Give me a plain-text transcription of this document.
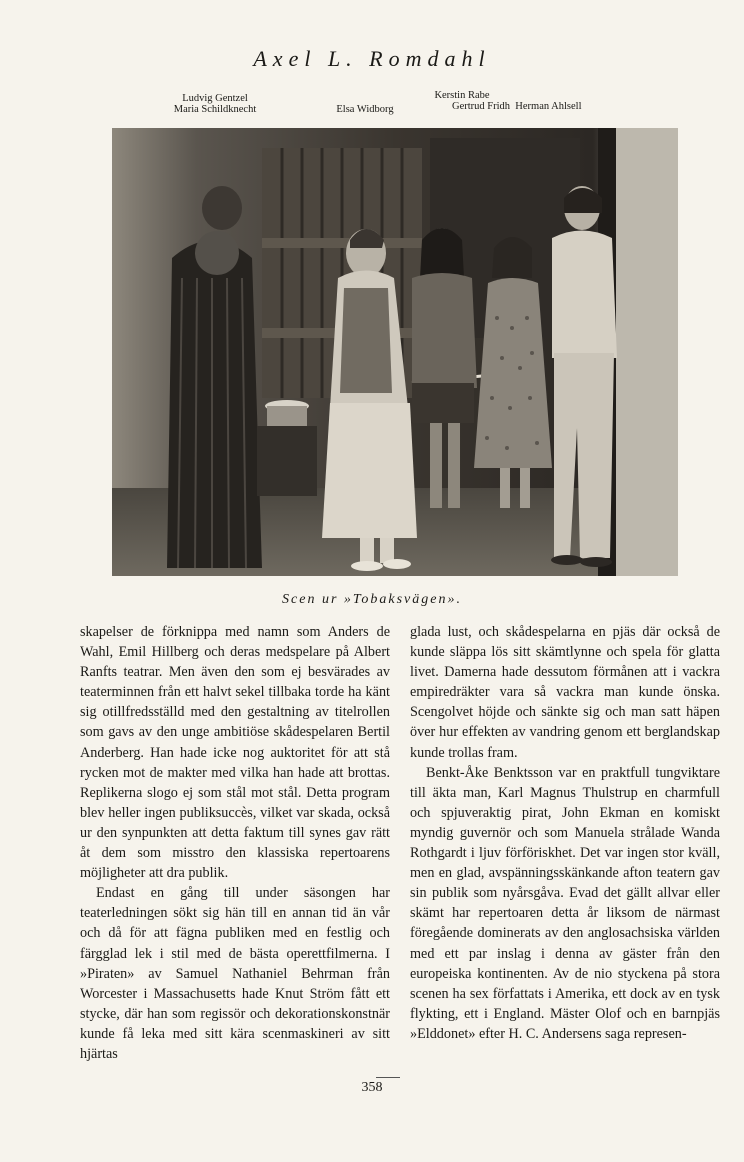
Axel L. Romdahl
Ludvig Gentzel
Maria Schildknecht	Elsa Widborg
Kerstin Rabe
Gertrud Fridh Herman Ahlsell
Scen ur »Tobaksvägen».

skapelser de förknippa med namn som Anders de Wahl, Emil Hillberg och deras medspelare på Albert Ranfts teatrar. Men även den som ej besvärades av teaterminnen från ett halvt sekel tillbaka torde ha känt sig otillfredsställd med den gestaltning av titelrollen som gavs av den unge ambitiöse skådespelaren Bertil Anderberg. Han hade icke nog auktoritet för att stå rycken mot de makter med vilka han hade att brottas. Replikerna slogo ej som stål mot stål. Detta program blev heller ingen publiksuccès, vilket var skada, också ur den synpunkten att detta faktum till synes gav rätt åt dem som misstro den klassiska repertoarens möjligheter att dra publik.

Endast en gång till under säsongen har teaterledningen sökt sig hän till en annan tid än vår och då för att fägna publiken med en festlig och färgglad lek i stil med de bästa operettfilmerna. I »Piraten» av Samuel Nathaniel Behrman från Worcester i Massachusetts hade Knut Ström fått ett stycke, där han som regissör och dekorationskonstnär kunde få leka med sitt kära scenmaskineri av sitt hjärtas

glada lust, och skådespelarna en pjäs där också de kunde släppa lös sitt skämtlynne och spela för glatta livet. Damerna hade dessutom förmånen att i vackra empiredräkter vara så vackra man kunde önska. Scengolvet höjde och sänkte sig och man satt häpen över hur effekten av vandring genom ett berglandskap kunde trollas fram.

Benkt-Åke Benktsson var en praktfull tungviktare till äkta man, Karl Magnus Thulstrup en charmfull och spjuveraktig pirat, John Ekman en komiskt myndig guvernör och som Manuela strålade Wanda Rothgardt i ljuv förföriskhet. Det var ingen stor kväll, men en glad, avspänningsskänkande afton teatern gav sin publik som nyårsgåva. Evad det gällt allvar eller skämt har repertoaren detta år liksom de närmast föregående dominerats av den anglosachsiska världen med ett par inslag i denna av gäster från den europeiska kontinenten. Av de nio styckena på stora scenen ha sex författats i Amerika, ett dock av en tysk flykting, ett i England. Mäster Olof och en barnpjäs »Elddonet» efter H. C. Andersens saga represen-

358
